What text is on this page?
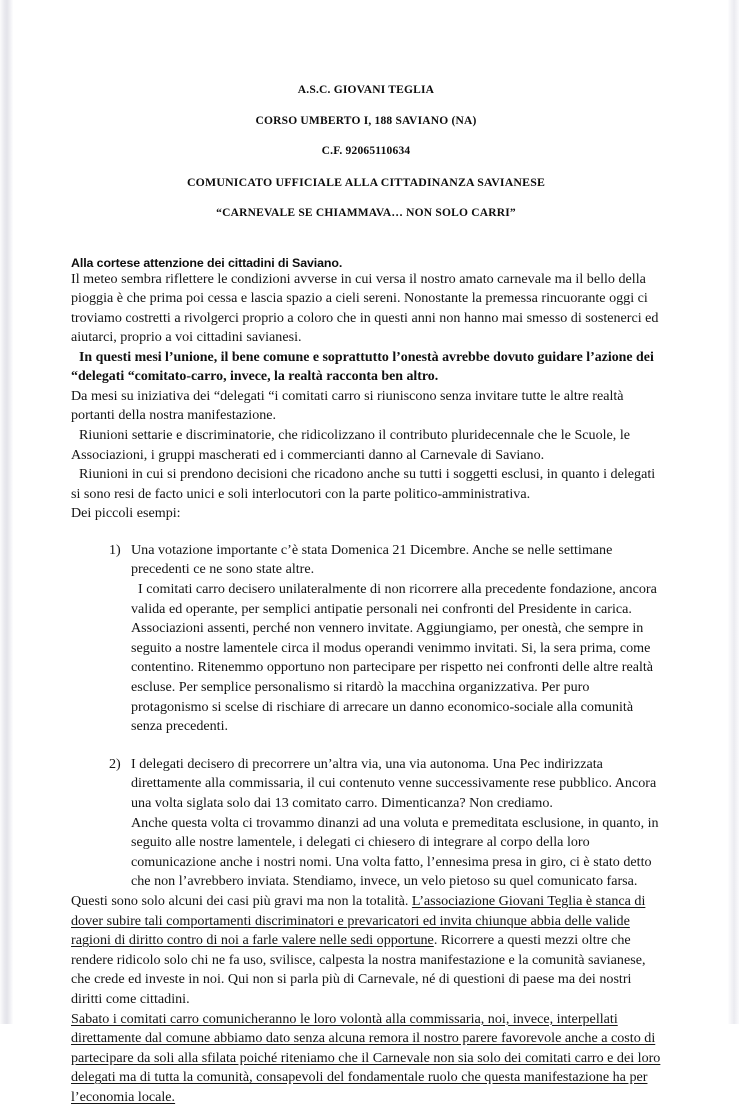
A.S.C. GIOVANI TEGLIA
CORSO UMBERTO I, 188 SAVIANO (NA)
C.F. 92065110634
COMUNICATO UFFICIALE ALLA CITTADINANZA SAVIANESE
“CARNEVALE SE CHIAMMAVA… NON SOLO CARRI”
Alla cortese attenzione dei cittadini di Saviano.

Il meteo sembra riflettere le condizioni avverse in cui versa il nostro amato carnevale ma il bello della pioggia è che prima poi cessa e lascia spazio a cieli sereni. Nonostante la premessa rincuorante oggi ci troviamo costretti a rivolgerci proprio a coloro che in questi anni non hanno mai smesso di sostenerci ed aiutarci, proprio a voi cittadini savianesi.

In questi mesi l’unione, il bene comune e soprattutto l’onestà avrebbe dovuto guidare l’azione dei “delegati “comitato-carro, invece, la realtà racconta ben altro.

Da mesi su iniziativa dei “delegati “i comitati carro si riuniscono senza invitare tutte le altre realtà portanti della nostra manifestazione.

Riunioni settarie e discriminatorie, che ridicolizzano il contributo pluridecennale che le Scuole, le Associazioni, i gruppi mascherati ed i commercianti danno al Carnevale di Saviano.

Riunioni in cui si prendono decisioni che ricadono anche su tutti i soggetti esclusi, in quanto i delegati si sono resi de facto unici e soli interlocutori con la parte politico-amministrativa.

Dei piccoli esempi:

1) Una votazione importante c’è stata Domenica 21 Dicembre. Anche se nelle settimane precedenti ce ne sono state altre.

I comitati carro decisero unilateralmente di non ricorrere alla precedente fondazione, ancora valida ed operante, per semplici antipatie personali nei confronti del Presidente in carica. Associazioni assenti, perché non vennero invitate. Aggiungiamo, per onestà, che sempre in seguito a nostre lamentele circa il modus operandi venimmo invitati. Si, la sera prima, come contentino. Ritenemmo opportuno non partecipare per rispetto nei confronti delle altre realtà escluse. Per semplice personalismo si ritardò la macchina organizzativa. Per puro protagonismo si scelse di rischiare di arrecare un danno economico-sociale alla comunità senza precedenti.

2) I delegati decisero di precorrere un’altra via, una via autonoma. Una Pec indirizzata direttamente alla commissaria, il cui contenuto venne successivamente rese pubblico. Ancora una volta siglata solo dai 13 comitato carro. Dimenticanza? Non crediamo.

Anche questa volta ci trovammo dinanzi ad una voluta e premeditata esclusione, in quanto, in seguito alle nostre lamentele, i delegati ci chiesero di integrare al corpo della loro comunicazione anche i nostri nomi. Una volta fatto, l’ennesima presa in giro, ci è stato detto che non l’avrebbero inviata. Stendiamo, invece, un velo pietoso su quel comunicato farsa.

Questi sono solo alcuni dei casi più gravi ma non la totalità. L’associazione Giovani Teglia è stanca di dover subire tali comportamenti discriminatori e prevaricatori ed invita chiunque abbia delle valide ragioni di diritto contro di noi a farle valere nelle sedi opportune. Ricorrere a questi mezzi oltre che rendere ridicolo solo chi ne fa uso, svilisce, calpesta la nostra manifestazione e la comunità savianese, che crede ed investe in noi. Qui non si parla più di Carnevale, né di questioni di paese ma dei nostri diritti come cittadini.

Sabato i comitati carro comunicheranno le loro volontà alla commissaria, noi, invece, interpellati direttamente dal comune abbiamo dato senza alcuna remora il nostro parere favorevole anche a costo di partecipare da soli alla sfilata poiché riteniamo che il Carnevale non sia solo dei comitati carro e dei loro delegati ma di tutta la comunità, consapevoli del fondamentale ruolo che questa manifestazione ha per l’economia locale.
